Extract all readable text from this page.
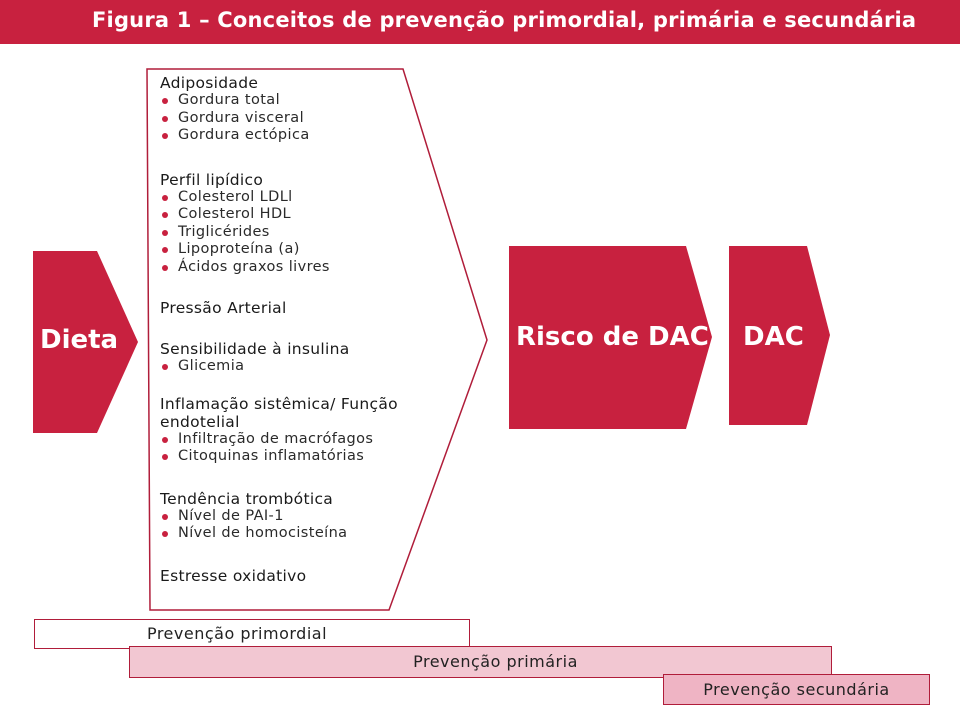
Figura 1 – Conceitos de prevenção primordial, primária e secundária
Dieta	Risco de DAC DAC
Adiposidade
Gordura total
Gordura visceral
Gordura ectópica
Perfil lipídico
Colesterol LDLl
Colesterol HDL
Triglicérides
Lipoproteína (a)
Ácidos graxos livres
Pressão Arterial
Sensibilidade à insulina
Glicemia
Inflamação sistêmica/ Função endotelial
Infiltração de macrófagos
Citoquinas inflamatórias
Tendência trombótica
Nível de PAI-1
Nível de homocisteína
Estresse oxidativo
Prevenção primordial
Prevenção primária
Prevenção secundária
